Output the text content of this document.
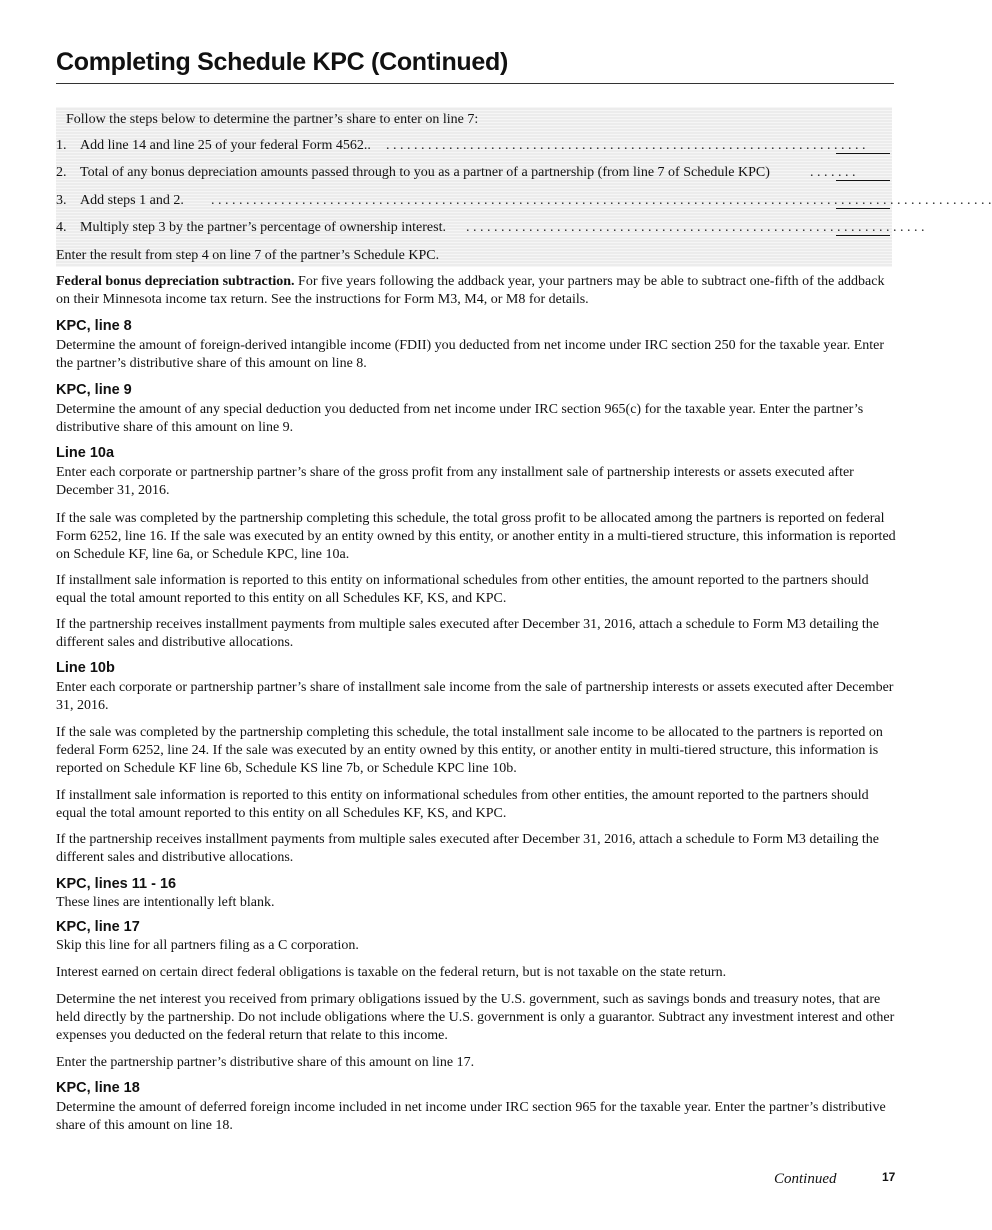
Completing Schedule KPC (Continued)
Follow the steps below to determine the partner’s share to enter on line 7:
1. Add line 14 and line 25 of your federal Form 4562.. . . . . . . . . . . . . . . . . . . . . . . . . . . . . . . . . . . . . . . . . . . . . . . . . . . . . . . . . . . . . . . . . . . . . .
2. Total of any bonus depreciation amounts passed through to you as a partner of a partnership (from line 7 of Schedule KPC)	. . . . . . .
3. Add steps 1 and 2. . . . . . . . . . . . . . . . . . . . . . . . . . . . . . . . . . . . . . . . . . . . . . . . . . . . . . . . . . . . . . . . . . . . . . . . . . . . . . . . . . . . . . . . . . . . . . . . . . . . . . . . . . . . . . . . .
4. Multiply step 3 by the partner’s percentage of ownership interest. . . . . . . . . . . . . . . . . . . . . . . . . . . . . . . . . . . . . . . . . . . . . . . . . . . . . . . . . . . . . . . . . . .
Enter the result from step 4 on line 7 of the partner’s Schedule KPC.

Federal bonus depreciation subtraction. For five years following the addback year, your partners may be able to subtract one-fifth of the addback on their Minnesota income tax return. See the instructions for Form M3, M4, or M8 for details.

KPC, line 8

Determine the amount of foreign-derived intangible income (FDII) you deducted from net income under IRC section 250 for the taxable year. Enter the partner’s distributive share of this amount on line 8.

KPC, line 9

Determine the amount of any special deduction you deducted from net income under IRC section 965(c) for the taxable year. Enter the partner’s distributive share of this amount on line 9.

Line 10a

Enter each corporate or partnership partner’s share of the gross profit from any installment sale of partnership interests or assets executed after December 31, 2016.

If the sale was completed by the partnership completing this schedule, the total gross profit to be allocated among the partners is reported on federal Form 6252, line 16. If the sale was executed by an entity owned by this entity, or another entity in a multi-tiered structure, this information is reported on Schedule KF, line 6a, or Schedule KPC, line 10a.

If installment sale information is reported to this entity on informational schedules from other entities, the amount reported to the partners should equal the total amount reported to this entity on all Schedules KF, KS, and KPC.

If the partnership receives installment payments from multiple sales executed after December 31, 2016, attach a schedule to Form M3 detailing the different sales and distributive allocations.

Line 10b

Enter each corporate or partnership partner’s share of installment sale income from the sale of partnership interests or assets executed after December 31, 2016.

If the sale was completed by the partnership completing this schedule, the total installment sale income to be allocated to the partners is reported on federal Form 6252, line 24. If the sale was executed by an entity owned by this entity, or another entity in multi-tiered structure, this information is reported on Schedule KF line 6b, Schedule KS line 7b, or Schedule KPC line 10b.

If installment sale information is reported to this entity on informational schedules from other entities, the amount reported to the partners should equal the total amount reported to this entity on all Schedules KF, KS, and KPC.

If the partnership receives installment payments from multiple sales executed after December 31, 2016, attach a schedule to Form M3 detailing the different sales and distributive allocations.

KPC, lines 11 - 16

These lines are intentionally left blank.

KPC, line 17

Skip this line for all partners filing as a C corporation.

Interest earned on certain direct federal obligations is taxable on the federal return, but is not taxable on the state return.

Determine the net interest you received from primary obligations issued by the U.S. government, such as savings bonds and treasury notes, that are held directly by the partnership. Do not include obligations where the U.S. government is only a guarantor. Subtract any investment interest and other expenses you deducted on the federal return that relate to this income.

Enter the partnership partner’s distributive share of this amount on line 17.

KPC, line 18

Determine the amount of deferred foreign income included in net income under IRC section 965 for the taxable year. Enter the partner’s distributive share of this amount on line 18.

Continued	17
